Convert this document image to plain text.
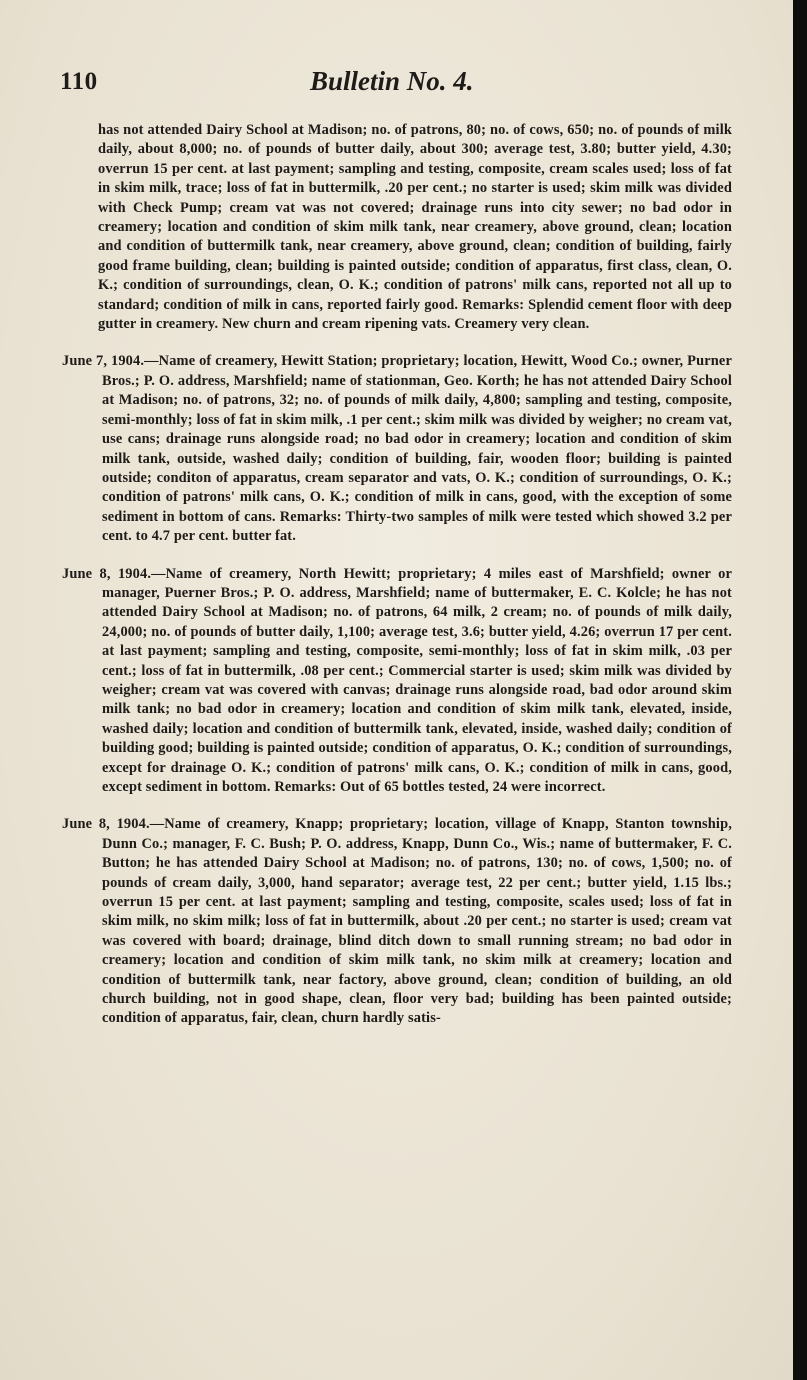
110	Bulletin No. 4.

has not attended Dairy School at Madison; no. of patrons, 80; no. of cows, 650; no. of pounds of milk daily, about 8,000; no. of pounds of butter daily, about 300; average test, 3.80; butter yield, 4.30; overrun 15 per cent. at last payment; sampling and testing, composite, cream scales used; loss of fat in skim milk, trace; loss of fat in buttermilk, .20 per cent.; no starter is used; skim milk was divided with Check Pump; cream vat was not covered; drainage runs into city sewer; no bad odor in creamery; location and condition of skim milk tank, near creamery, above ground, clean; location and condition of buttermilk tank, near creamery, above ground, clean; condition of building, fairly good frame building, clean; building is painted outside; condition of apparatus, first class, clean, O. K.; condition of surroundings, clean, O. K.; condition of patrons' milk cans, reported not all up to standard; condition of milk in cans, reported fairly good. Remarks: Splendid cement floor with deep gutter in creamery. New churn and cream ripening vats. Creamery very clean.

June 7, 1904.—Name of creamery, Hewitt Station; proprietary; location, Hewitt, Wood Co.; owner, Purner Bros.; P. O. address, Marshfield; name of stationman, Geo. Korth; he has not attended Dairy School at Madison; no. of patrons, 32; no. of pounds of milk daily, 4,800; sampling and testing, composite, semi-monthly; loss of fat in skim milk, .1 per cent.; skim milk was divided by weigher; no cream vat, use cans; drainage runs alongside road; no bad odor in creamery; location and condition of skim milk tank, outside, washed daily; condition of building, fair, wooden floor; building is painted outside; conditon of apparatus, cream separator and vats, O. K.; condition of surroundings, O. K.; condition of patrons' milk cans, O. K.; condition of milk in cans, good, with the exception of some sediment in bottom of cans. Remarks: Thirty-two samples of milk were tested which showed 3.2 per cent. to 4.7 per cent. butter fat.

June 8, 1904.—Name of creamery, North Hewitt; proprietary; 4 miles east of Marshfield; owner or manager, Puerner Bros.; P. O. address, Marshfield; name of buttermaker, E. C. Kolcle; he has not attended Dairy School at Madison; no. of patrons, 64 milk, 2 cream; no. of pounds of milk daily, 24,000; no. of pounds of butter daily, 1,100; average test, 3.6; butter yield, 4.26; overrun 17 per cent. at last payment; sampling and testing, composite, semi-monthly; loss of fat in skim milk, .03 per cent.; loss of fat in buttermilk, .08 per cent.; Commercial starter is used; skim milk was divided by weigher; cream vat was covered with canvas; drainage runs alongside road, bad odor around skim milk tank; no bad odor in creamery; location and condition of skim milk tank, elevated, inside, washed daily; location and condition of buttermilk tank, elevated, inside, washed daily; condition of building good; building is painted outside; condition of apparatus, O. K.; condition of surroundings, except for drainage O. K.; condition of patrons' milk cans, O. K.; condition of milk in cans, good, except sediment in bottom. Remarks: Out of 65 bottles tested, 24 were incorrect.

June 8, 1904.—Name of creamery, Knapp; proprietary; location, village of Knapp, Stanton township, Dunn Co.; manager, F. C. Bush; P. O. address, Knapp, Dunn Co., Wis.; name of buttermaker, F. C. Button; he has attended Dairy School at Madison; no. of patrons, 130; no. of cows, 1,500; no. of pounds of cream daily, 3,000, hand separator; average test, 22 per cent.; butter yield, 1.15 lbs.; overrun 15 per cent. at last payment; sampling and testing, composite, scales used; loss of fat in skim milk, no skim milk; loss of fat in buttermilk, about .20 per cent.; no starter is used; cream vat was covered with board; drainage, blind ditch down to small running stream; no bad odor in creamery; location and condition of skim milk tank, no skim milk at creamery; location and condition of buttermilk tank, near factory, above ground, clean; condition of building, an old church building, not in good shape, clean, floor very bad; building has been painted outside; condition of apparatus, fair, clean, churn hardly satis-
